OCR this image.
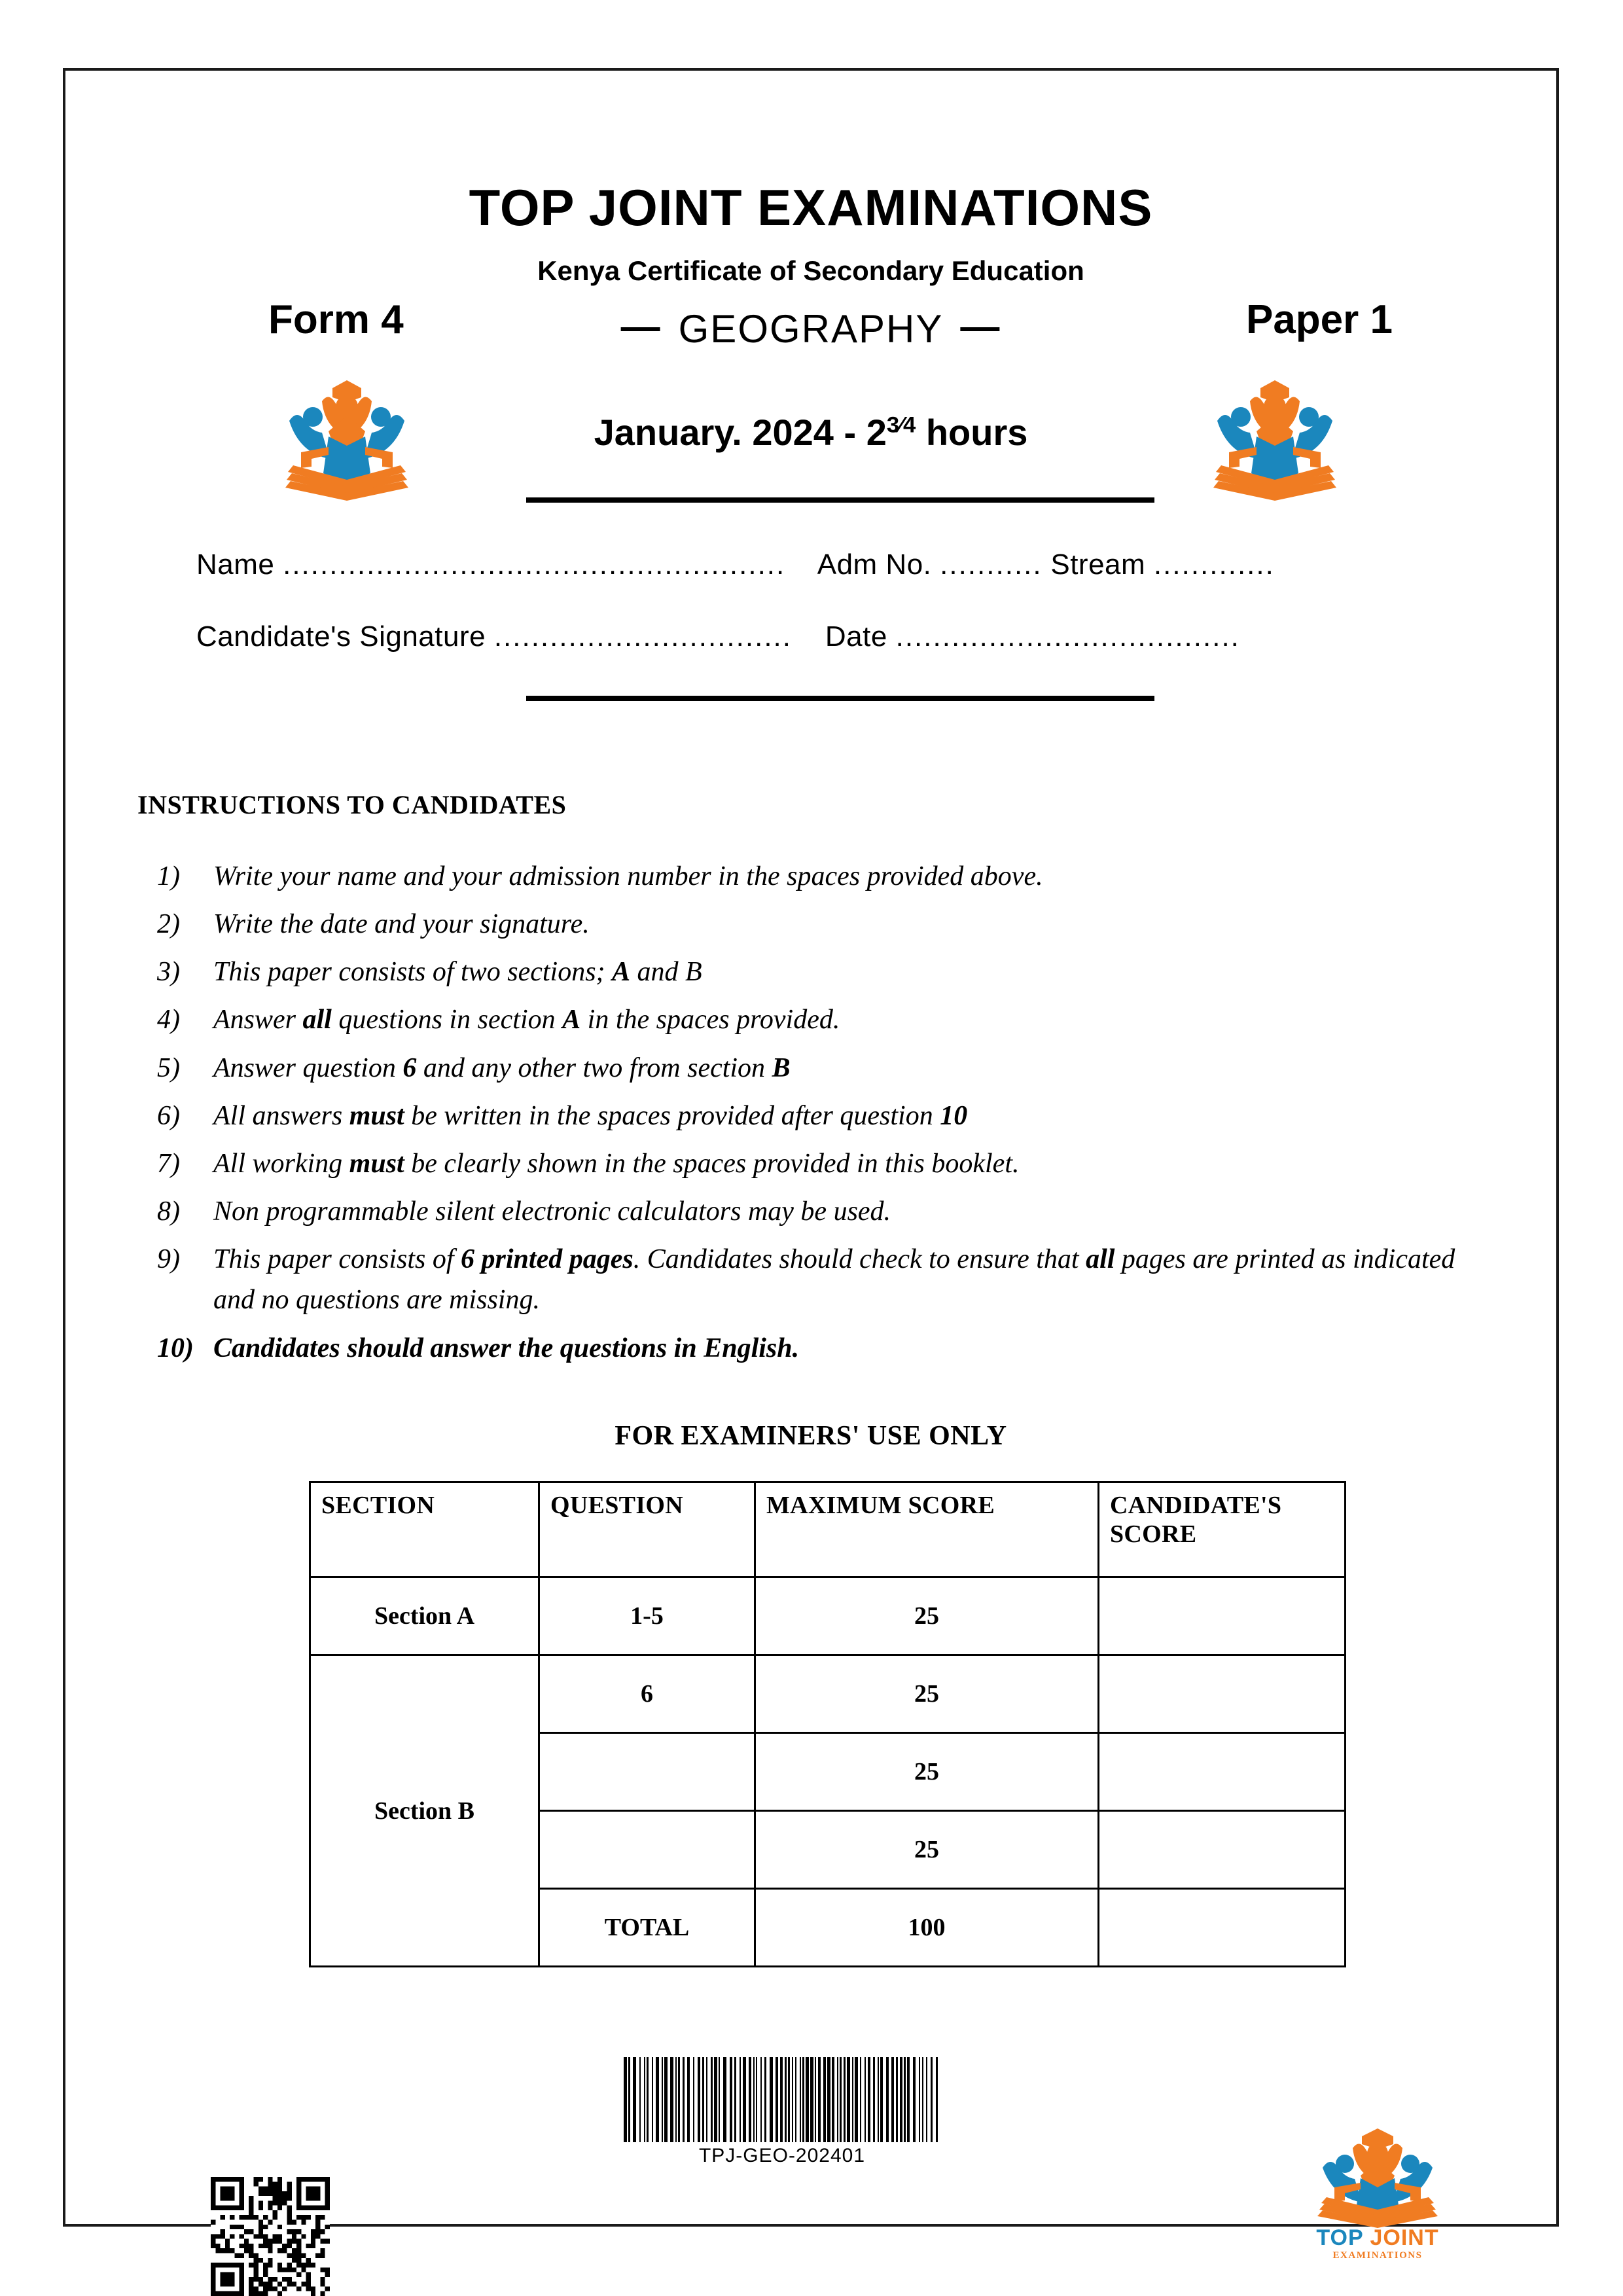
TOP JOINT EXAMINATIONS
Kenya Certificate of Secondary Education
Form 4	Paper 1
— GEOGRAPHY —
January. $2024 - 2^{3⁄4}$ hours
Name ...................................................... Adm No. ........... Stream .............
Candidate's Signature ................................ Date .....................................
INSTRUCTIONS TO CANDIDATES
1)	Write your name and your admission number in the spaces provided above.
2)	Write the date and your signature.
3)	This paper consists of two sections; A and B
4)	Answer all questions in section A in the spaces provided.
5)	Answer question 6 and any other two from section B
6)	All answers must be written in the spaces provided after question 10
7)	All working must be clearly shown in the spaces provided in this booklet.
8)	Non programmable silent electronic calculators may be used.
9)	This paper consists of 6 printed pages. Candidates should check to ensure that all pages are printed as indicated and no questions are missing.
10) Candidates should answer the questions in English.
FOR EXAMINERS' USE ONLY
SECTION	QUESTION	MAXIMUM SCORE	CANDIDATE'S SCORE
Section A	1-5	25	
Section B	6	25	
		25	
		25	
	TOTAL	100	
TPJ-GEO-202401
TOP JOINT
EXAMINATIONS
